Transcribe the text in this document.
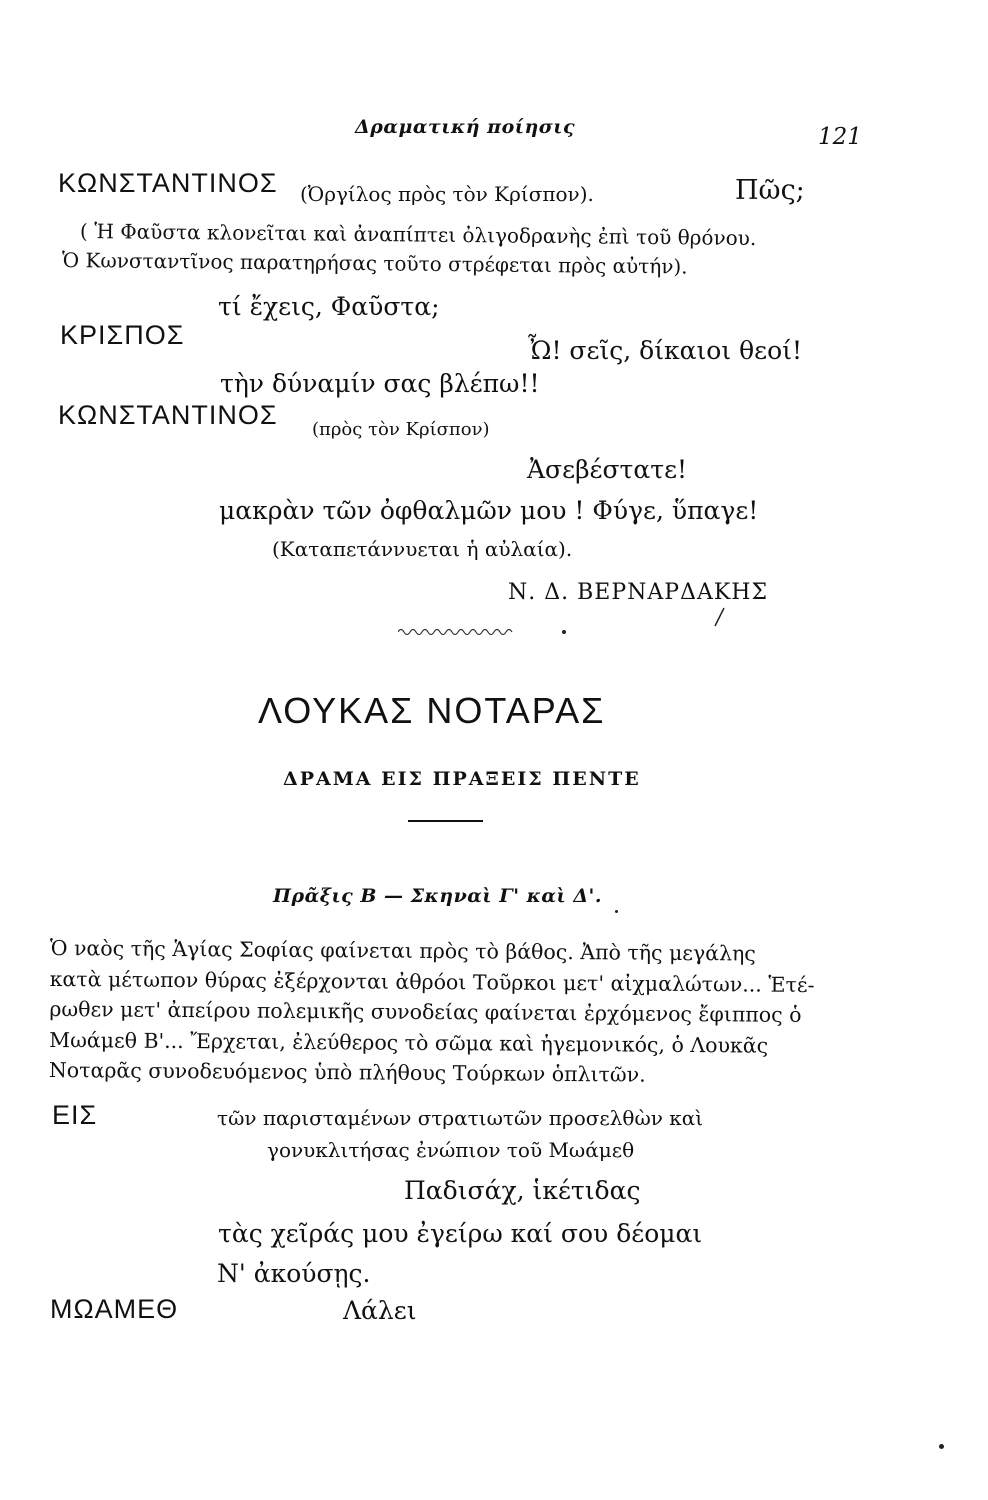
Δραματική ποίησις	121
ΚΩΝΣΤΑΝΤΙΝΟΣ (Ὀργίλος πρὸς τὸν Κρίσπον).	Πῶς;
( Ἡ Φαῦστα κλονεῖται καὶ ἀναπίπτει ὀλιγοδρανὴς ἐπὶ τοῦ θρόνου.
Ὁ Κωνσταντῖνος παρατηρήσας τοῦτο στρέφεται πρὸς αὐτήν).
τί ἔχεις, Φαῦστα;
ΚΡΙΣΠΟΣ
Ὦ! σεῖς, δίκαιοι θεοί!
τὴν δύναμίν σας βλέπω!!
ΚΩΝΣΤΑΝΤΙΝΟΣ (πρὸς τὸν Κρίσπον)
Ἀσεβέστατε!
μακρὰν τῶν ὀφθαλμῶν μου ! Φύγε, ὕπαγε!
(Καταπετάννυεται ἡ αὐλαία).
Ν. Δ. ΒΕΡΝΑΡΔΑΚΗΣ
ΛΟΥΚΑΣ ΝΟΤΑΡΑΣ
ΔΡΑΜΑ ΕΙΣ ΠΡΑΞΕΙΣ ΠΕΝΤΕ
Πρᾶξις Β — Σκηναὶ Γ' καὶ Δ'.
Ὁ ναὸς τῆς Ἁγίας Σοφίας φαίνεται πρὸς τὸ βάθος. Ἀπὸ τῆς μεγάλης
κατὰ μέτωπον θύρας ἐξέρχονται ἀθρόοι Τοῦρκοι μετ' αἰχμαλώτων... Ἑτέ-
ρωθεν μετ' ἀπείρου πολεμικῆς συνοδείας φαίνεται ἐρχόμενος ἔφιππος ὁ
Μωάμεθ Β'... Ἔρχεται, ἐλεύθερος τὸ σῶμα καὶ ἡγεμονικός, ὁ Λουκᾶς
Νοταρᾶς συνοδευόμενος ὑπὸ πλήθους Τούρκων ὁπλιτῶν.
ΕΙΣ	τῶν παρισταμένων στρατιωτῶν προσελθὼν καὶ
γονυκλιτήσας ἐνώπιον τοῦ Μωάμεθ
Παδισάχ, ἱκέτιδας
τὰς χεῖράς μου ἐγείρω καί σου δέομαι
Ν' ἀκούσῃς.
ΜΩΑΜΕΘ	Λάλει
